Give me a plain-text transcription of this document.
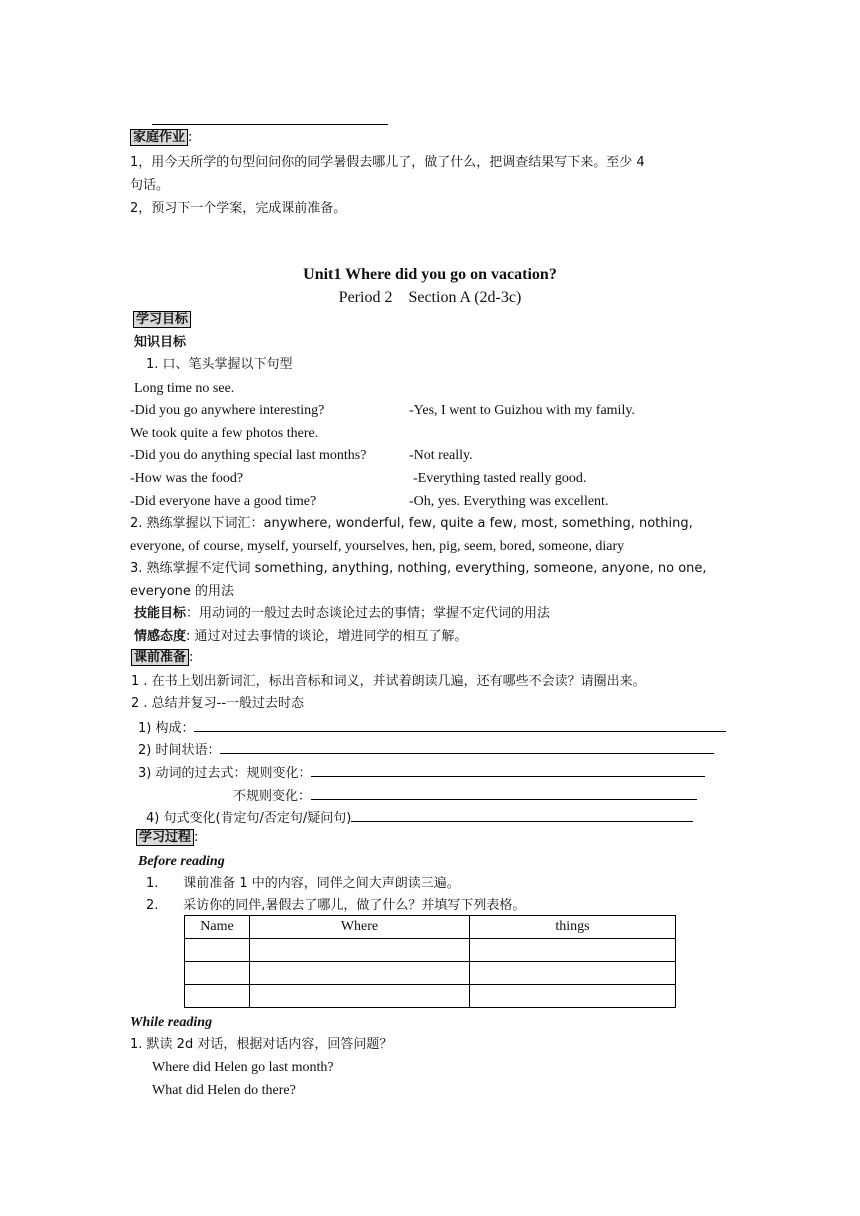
家庭作业 :
1，用今天所学的句型问问你的同学暑假去哪儿了，做了什么，把调查结果写下来。至少 4
句话。
2，预习下一个学案，完成课前准备。
Unit1 Where did you go on vacation?
Period 2    Section A (2d-3c)
学习目标
知识目标
1. 口、笔头掌握以下句型
Long time no see.
-Did you go anywhere interesting?	-Yes, I went to Guizhou with my family.
We took quite a few photos there.
-Did you do anything special last months?	-Not really.
-How was the food?	-Everything tasted really good.
-Did everyone have a good time?	-Oh, yes. Everything was excellent.
2. 熟练掌握以下词汇：anywhere, wonderful, few, quite a few, most, something, nothing,
everyone, of course, myself, yourself, yourselves, hen, pig, seem, bored, someone, diary
3. 熟练掌握不定代词 something, anything, nothing, everything, someone, anyone, no one,
everyone 的用法
技能目标：用动词的一般过去时态谈论过去的事情；掌握不定代词的用法
情感态度: 通过对过去事情的谈论，增进同学的相互了解。
课前准备 :
1 . 在书上划出新词汇，标出音标和词义，并试着朗读几遍，还有哪些不会读？请圈出来。
2 . 总结并复习--一般过去时态
1) 构成：
2) 时间状语：
3) 动词的过去式：规则变化：
不规则变化：
4) 句式变化(肯定句/否定句/疑问句)
学习过程 :
Before reading
1.      课前准备 1 中的内容，同伴之间大声朗读三遍。
2.      采访你的同伴,暑假去了哪儿，做了什么？并填写下列表格。
Name	Where	things

While reading
1. 默读 2d 对话，根据对话内容，回答问题？
Where did Helen go last month?
What did Helen do there?
